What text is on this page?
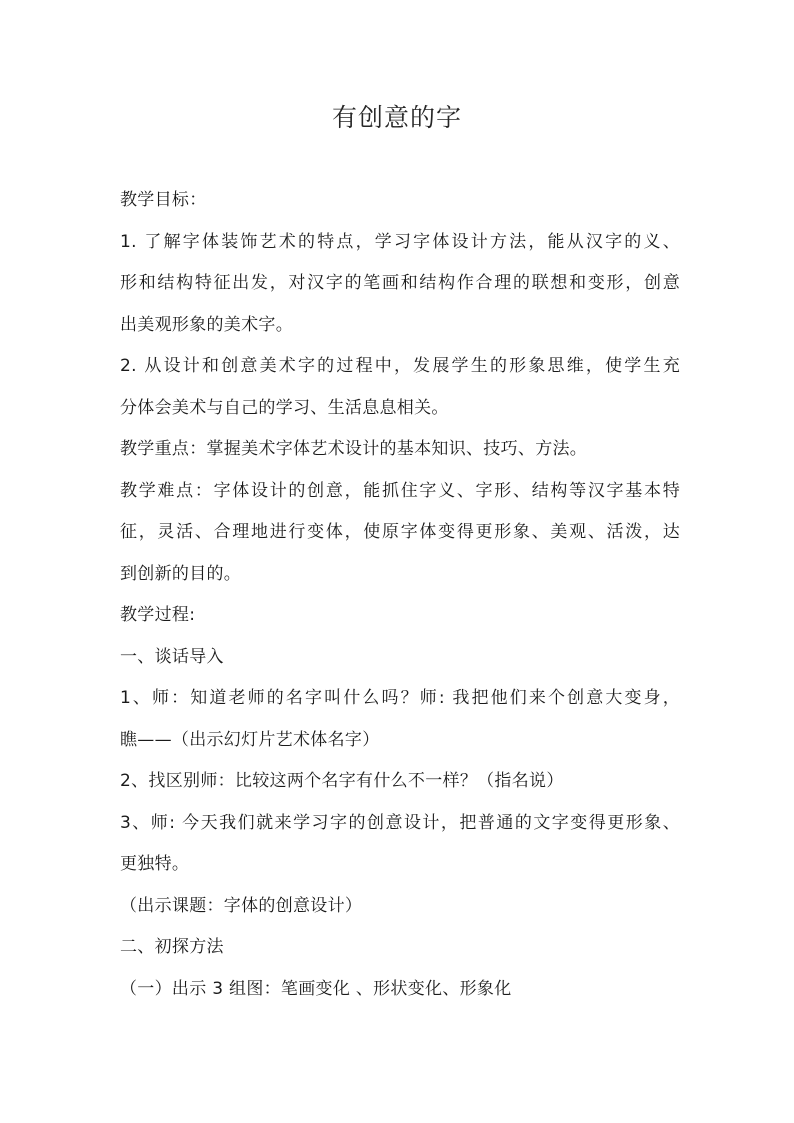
有创意的字
教学目标：
1. 了解字体装饰艺术的特点，学习字体设计方法，能从汉字的义、
形和结构特征出发，对汉字的笔画和结构作合理的联想和变形，创意
出美观形象的美术字。
2. 从设计和创意美术字的过程中，发展学生的形象思维，使学生充
分体会美术与自己的学习、生活息息相关。
教学重点：掌握美术字体艺术设计的基本知识、技巧、方法。
教学难点：字体设计的创意，能抓住字义、字形、结构等汉字基本特
征，灵活、合理地进行变体，使原字体变得更形象、美观、活泼，达
到创新的目的。
教学过程:
一、谈话导入
1、师：知道老师的名字叫什么吗？师: 我把他们来个创意大变身，
瞧——（出示幻灯片艺术体名字）
2、找区别师：比较这两个名字有什么不一样？（指名说）
3、师: 今天我们就来学习字的创意设计，把普通的文字变得更形象、
更独特。
（出示课题：字体的创意设计）
二、初探方法
（一）出示 3 组图：笔画变化 、形状变化、形象化
